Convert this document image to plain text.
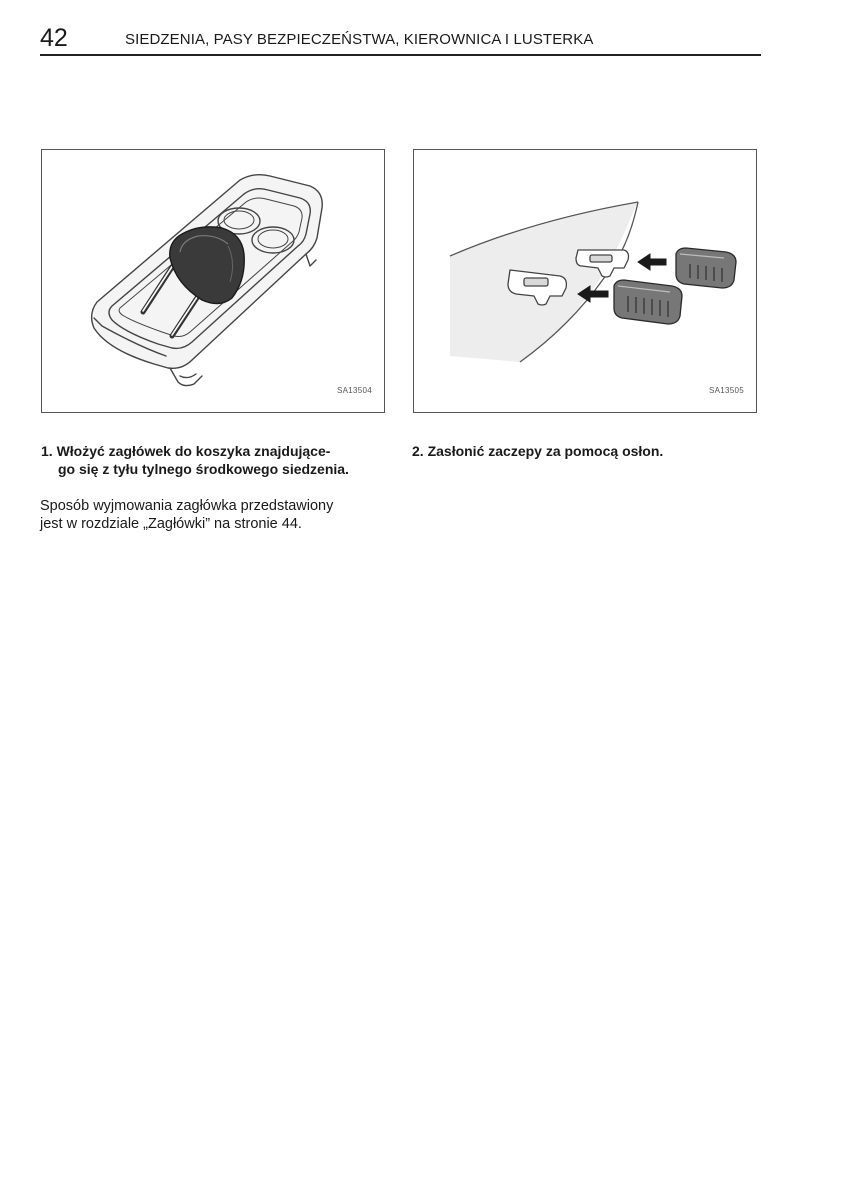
42	SIEDZENIA, PASY BEZPIECZEŃSTWA, KIEROWNICA I LUSTERKA
SA13504	SA13505

1. Włożyć zagłówek do koszyka znajdujące-
go się z tyłu tylnego środkowego siedzenia.

2. Zasłonić zaczepy za pomocą osłon.

Sposób wyjmowania zagłówka przedstawiony
jest w rozdziale „Zagłówki” na stronie 44.
